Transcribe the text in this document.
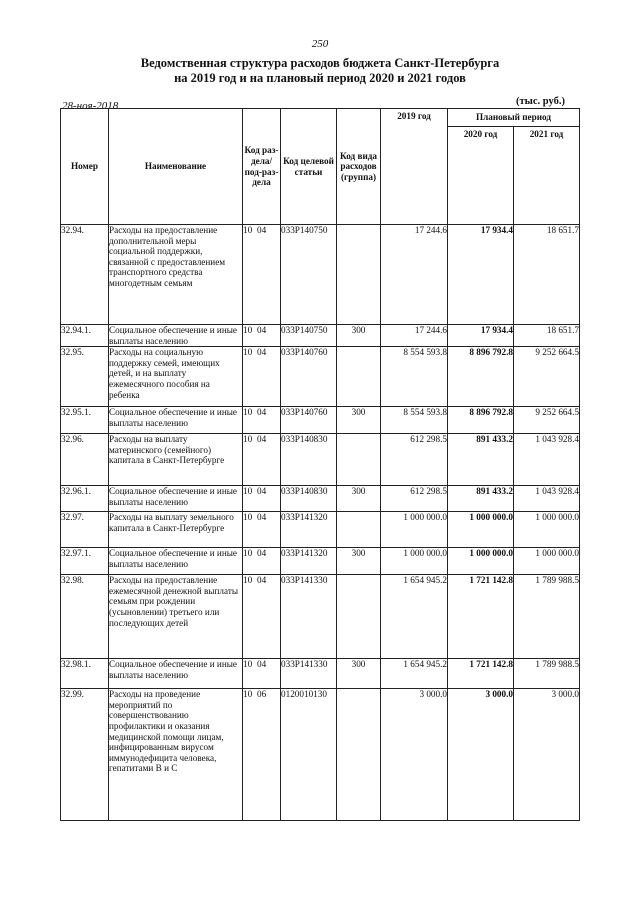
250
Ведомственная структура расходов бюджета Санкт-Петербурга
на 2019 год и на плановый период 2020 и 2021 годов
28-ноя-2018	(тыс. руб.)
Номер	Наименование	Код раз-дела/ под-раз-дела	Код целевой статьи	Код вида расходов (группа)	2019 год	Плановый период	
						2020 год	2021 год
32.94.	Расходы на предоставление дополнительной меры социальной поддержки, связанной с предоставлением транспортного средства многодетным семьям	10 04	033Р140750		17 244.6	17 934.4	18 651.7
32.94.1.	Социальное обеспечение и иные выплаты населению	10 04	033Р140750	300	17 244.6	17 934.4	18 651.7
32.95.	Расходы на социальную поддержку семей, имеющих детей, и на выплату ежемесячного пособия на ребенка	10 04	033Р140760		8 554 593.8	8 896 792.8	9 252 664.5
32.95.1.	Социальное обеспечение и иные выплаты населению	10 04	033Р140760	300	8 554 593.8	8 896 792.8	9 252 664.5
32.96.	Расходы на выплату материнского (семейного) капитала в Санкт-Петербурге	10 04	033Р140830		612 298.5	891 433.2	1 043 928.4
32.96.1.	Социальное обеспечение и иные выплаты населению	10 04	033Р140830	300	612 298.5	891 433.2	1 043 928.4
32.97.	Расходы на выплату земельного капитала в Санкт-Петербурге	10 04	033Р141320		1 000 000.0	1 000 000.0	1 000 000.0
32.97.1.	Социальное обеспечение и иные выплаты населению	10 04	033Р141320	300	1 000 000.0	1 000 000.0	1 000 000.0
32.98.	Расходы на предоставление ежемесячной денежной выплаты семьям при рождении (усыновлении) третьего или последующих детей	10 04	033Р141330		1 654 945.2	1 721 142.8	1 789 988.5
32.98.1.	Социальное обеспечение и иные выплаты населению	10 04	033Р141330	300	1 654 945.2	1 721 142.8	1 789 988.5
32.99.	Расходы на проведение мероприятий по совершенствованию профилактики и оказания медицинской помощи лицам, инфицированным вирусом иммунодефицита человека, гепатитами В и С	10 06	0120010130		3 000.0	3 000.0	3 000.0
